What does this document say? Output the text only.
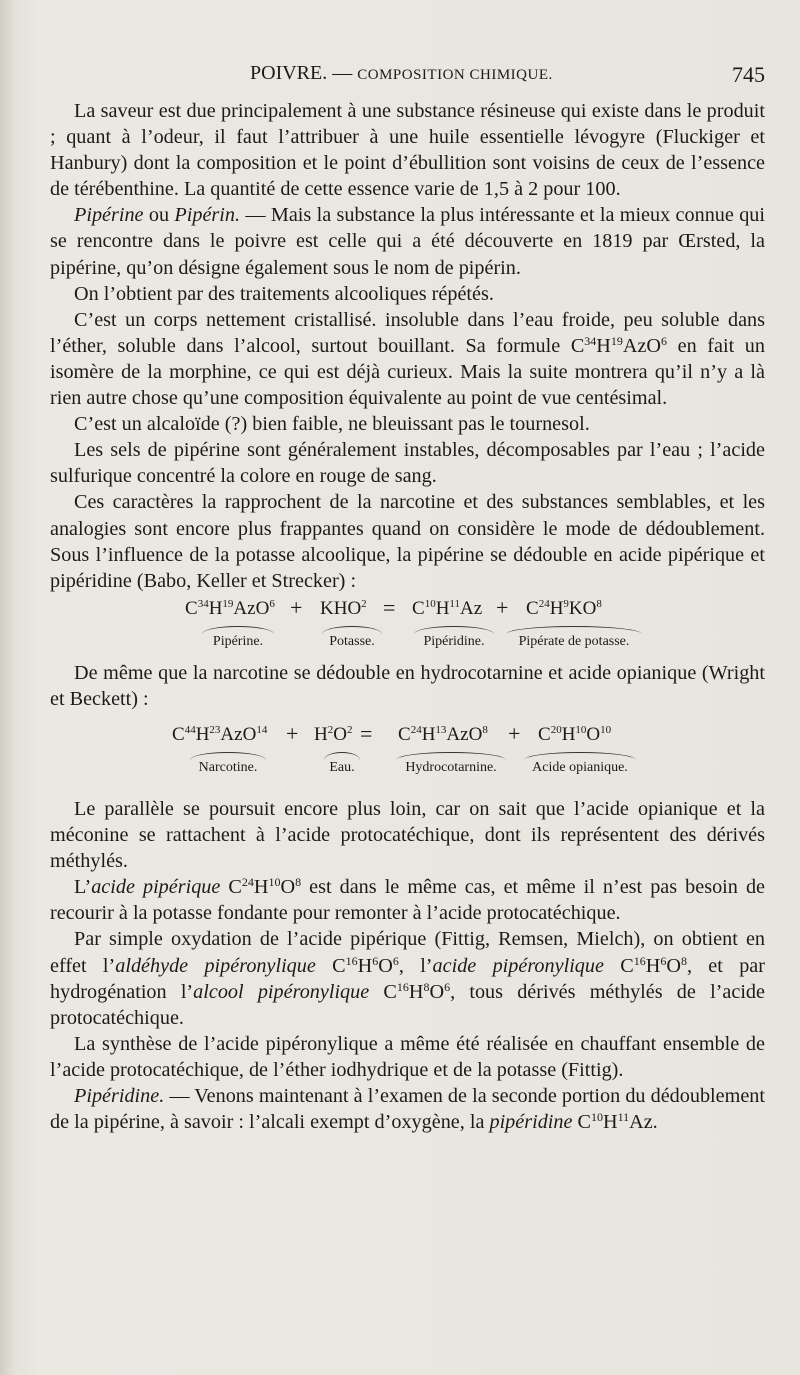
POIVRE. — COMPOSITION CHIMIQUE.	745

La saveur est due principalement à une substance résineuse qui existe dans le produit ; quant à l’odeur, il faut l’attribuer à une huile essentielle lévogyre (Fluckiger et Hanbury) dont la composition et le point d’ébullition sont voisins de ceux de l’essence de térébenthine. La quantité de cette essence varie de 1,5 à 2 pour 100.

Pipérine ou Pipérin. — Mais la substance la plus intéressante et la mieux connue qui se rencontre dans le poivre est celle qui a été découverte en 1819 par Œrsted, la pipérine, qu’on désigne également sous le nom de pipérin.

On l’obtient par des traitements alcooliques répétés.

C’est un corps nettement cristallisé. insoluble dans l’eau froide, peu soluble dans l’éther, soluble dans l’alcool, surtout bouillant. Sa formule $C^{34}H^{19}AzO^6$ en fait un isomère de la morphine, ce qui est déjà curieux. Mais la suite montrera qu’il n’y a là rien autre chose qu’une composition équivalente au point de vue centésimal.

C’est un alcaloïde (?) bien faible, ne bleuissant pas le tournesol.

Les sels de pipérine sont généralement instables, décomposables par l’eau ; l’acide sulfurique concentré la colore en rouge de sang.

Ces caractères la rapprochent de la narcotine et des substances semblables, et les analogies sont encore plus frappantes quand on considère le mode de dédoublement. Sous l’influence de la potasse alcoolique, la pipérine se dédouble en acide pipérique et pipéridine (Babo, Keller et Strecker) :

$C^{34}H^{19}AzO^6 + KHO^2 = C^{10}H^{11}Az + C^{24}H^9KO^8$
Pipérine.	Potasse.	Pipéridine.	Pipérate de potasse.

De même que la narcotine se dédouble en hydrocotarnine et acide opianique (Wright et Beckett) :

$C^{44}H^{23}AzO^{14} + H^2O^2 = C^{24}H^{13}AzO^8 + C^{20}H^{10}O^{10}$
Narcotine.	Eau.	Hydrocotarnine.	Acide opianique.

Le parallèle se poursuit encore plus loin, car on sait que l’acide opianique et la méconine se rattachent à l’acide protocatéchique, dont ils représentent des dérivés méthylés.

L’acide pipérique $C^{24}H^{10}O^8$ est dans le même cas, et même il n’est pas besoin de recourir à la potasse fondante pour remonter à l’acide protocatéchique.

Par simple oxydation de l’acide pipérique (Fittig, Remsen, Mielch), on obtient en effet l’aldéhyde pipéronylique $C^{16}H^6O^6$, l’acide pipéronylique $C^{16}H^6O^8$, et par hydrogénation l’alcool pipéronylique $C^{16}H^8O^6$, tous dérivés méthylés de l’acide protocatéchique.

La synthèse de l’acide pipéronylique a même été réalisée en chauffant ensemble de l’acide protocatéchique, de l’éther iodhydrique et de la potasse (Fittig).

Pipéridine. — Venons maintenant à l’examen de la seconde portion du dédoublement de la pipérine, à savoir : l’alcali exempt d’oxygène, la pipéridine $C^{10}H^{11}Az$.
